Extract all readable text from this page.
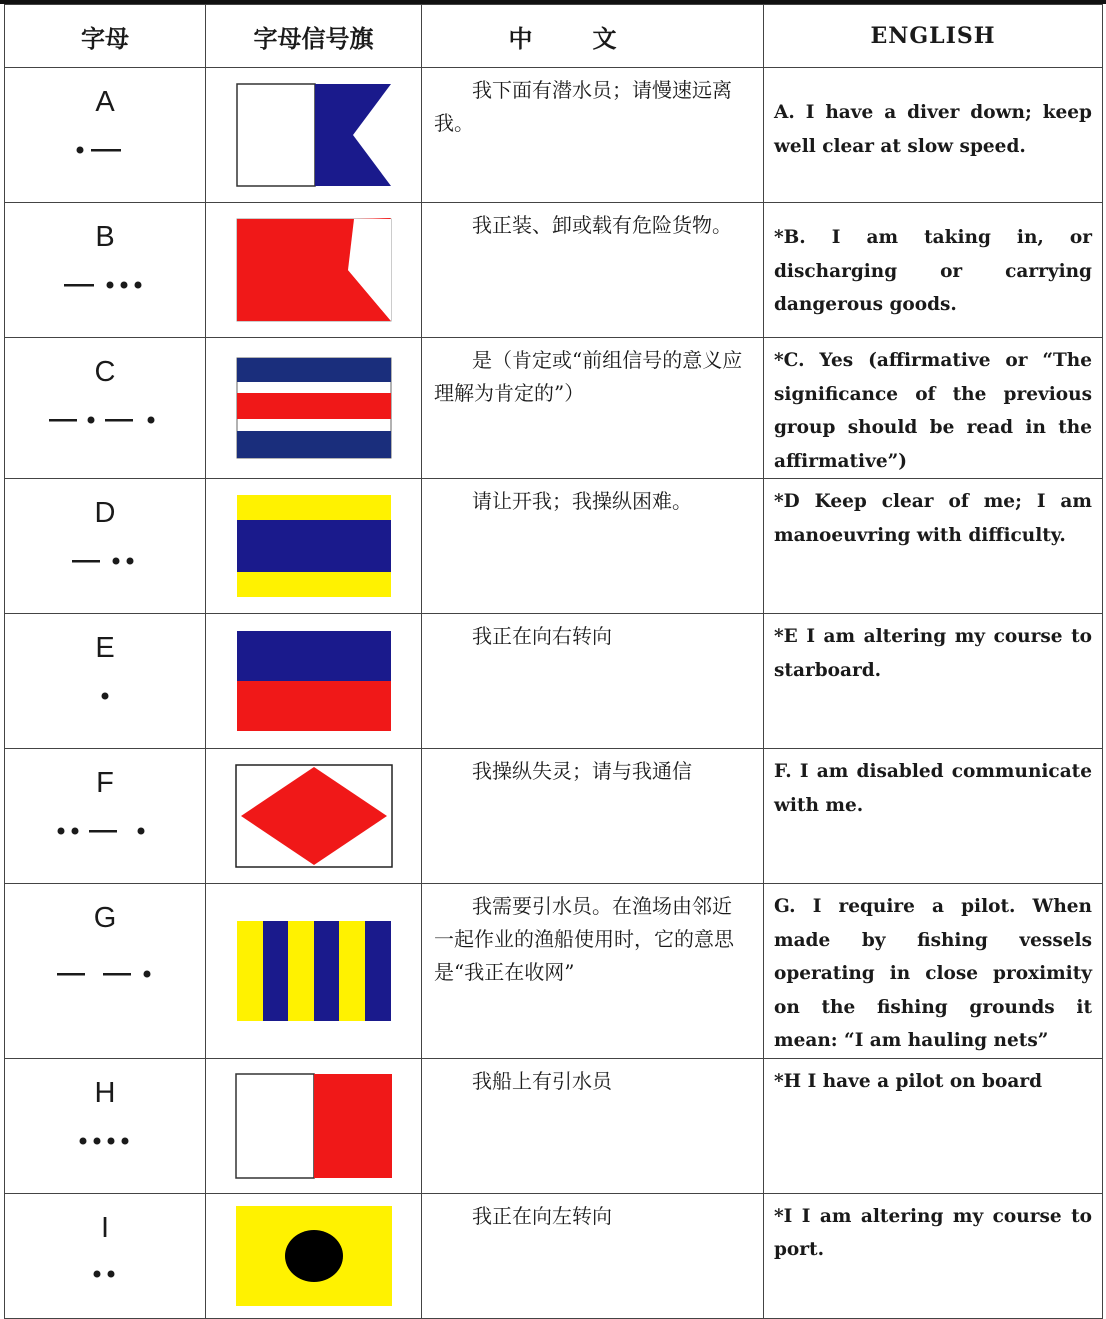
字母	字母信号旗	中文	ENGLISH

A		我下面有潜水员；请慢速远离我。	A. I have a diver down; keep well clear at slow speed.

B		我正装、卸或载有危险货物。	*B. I am taking in, or discharging or carrying dangerous goods.

C		是（肯定或“前组信号的意义应理解为肯定的”）	*C. Yes (affirmative or “The significance of the previous group should be read in the affirmative”)

D		请让开我；我操纵困难。	*D Keep clear of me; I am manoeuvring with difficulty.

E		我正在向右转向	*E I am altering my course to starboard.

F		我操纵失灵；请与我通信	F. I am disabled communicate with me.

G		我需要引水员。在渔场由邻近一起作业的渔船使用时，它的意思是“我正在收网”	G. I require a pilot. When made by fishing vessels operating in close proximity on the fishing grounds it mean: “I am hauling nets”

H		我船上有引水员	*H I have a pilot on board

I		我正在向左转向	*I I am altering my course to port.
